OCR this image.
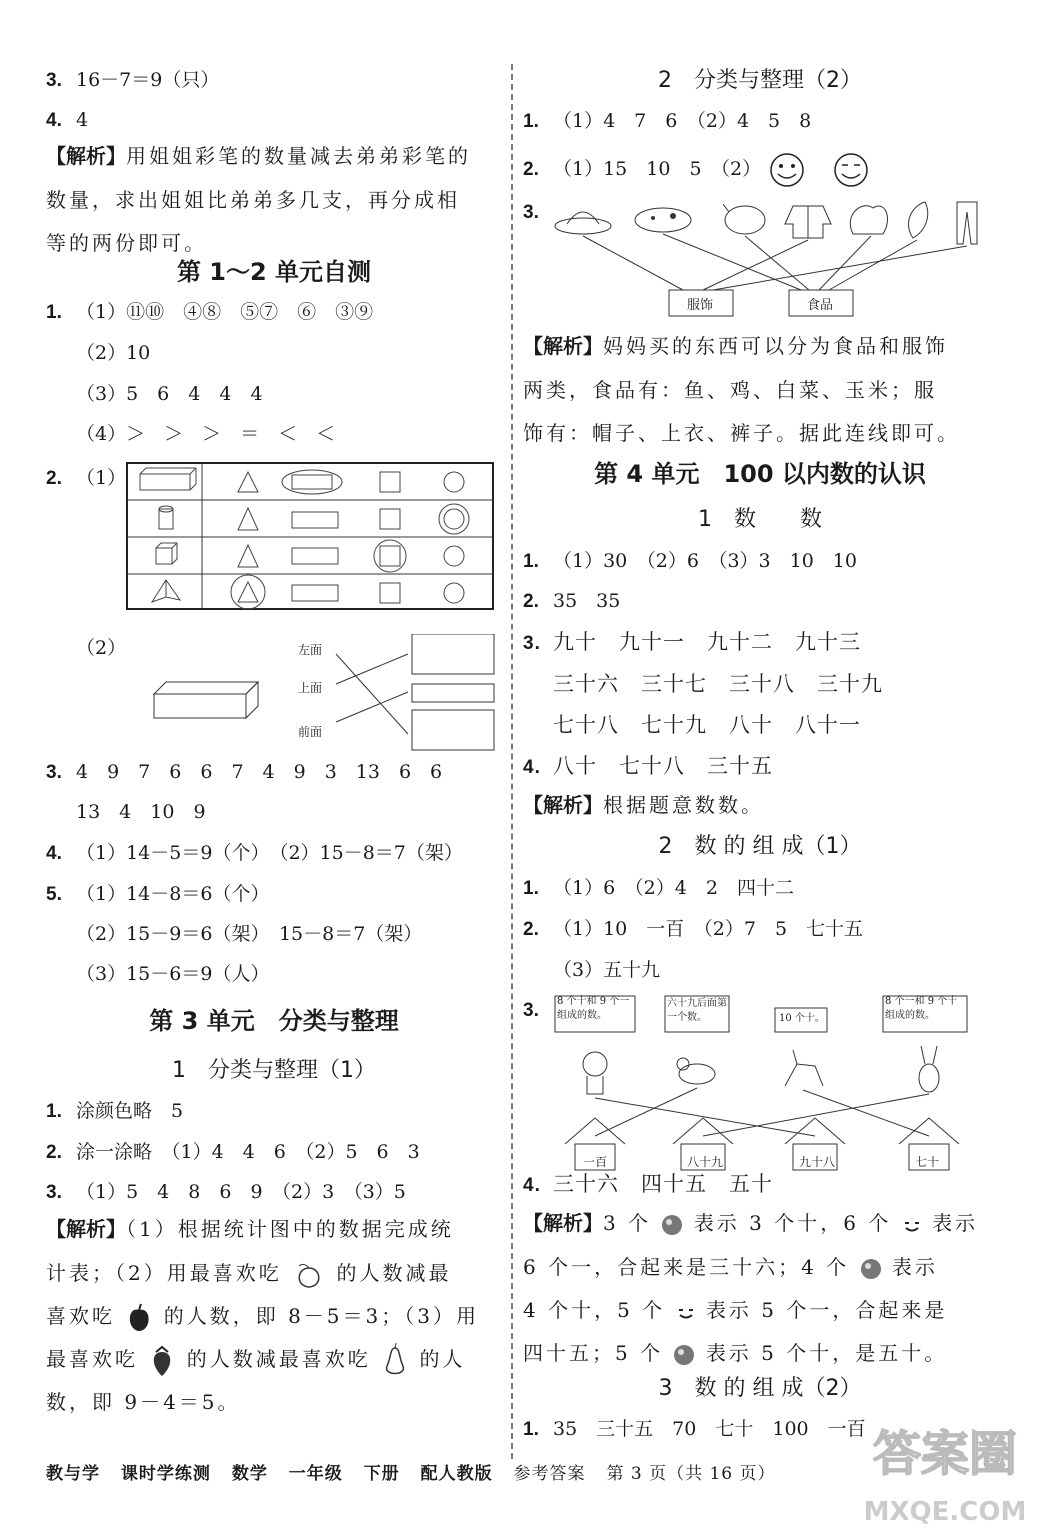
3. 16－7＝9（只）
4. 4
【解析】用姐姐彩笔的数量减去弟弟彩笔的
数量，求出姐姐比弟弟多几支，再分成相
等的两份即可。
第 1～2 单元自测
1. （1）⑪⑩　④⑧　⑤⑦　⑥　③⑨
（2）10
（3）5　6　4　4　4
（4）＞　＞　＞　＝　＜　＜
2. （1）
（2）	左面
上面
前面
3. 4　9　7　6　6　7　4　9　3　13　6　6
13　4　10　9
4. （1）14－5＝9（个）　（2）15－8＝7（架）
5. （1）14－8＝6（个）
（2）15－9＝6（架）　15－8＝7（架）
（3）15－6＝9（人）
第 3 单元　分类与整理
1　分类与整理（1）
1. 涂颜色略　5
2. 涂一涂略　（1）4　4　6　（2）5　6　3
3. （1）5　4　8　6　9　（2）3　（3）5
【解析】（1）根据统计图中的数据完成统
计表；（2）用最喜欢吃	的人数减最
喜欢吃 的人数，即 8－5＝3；（3）用
最喜欢吃 的人数减最喜欢吃 的人
数，即 9－4＝5。
2　分类与整理（2）
1. （1）4　7　6　（2）4　5　8
2. （1）15　10　5　（2）
3.
服饰	食品
【解析】妈妈买的东西可以分为食品和服饰
两类，食品有：鱼、鸡、白菜、玉米；服
饰有：帽子、上衣、裤子。据此连线即可。
第 4 单元　100 以内数的认识
1　数　　数
1. （1）30　（2）6　（3）3　10　10
2. 35　35
3. 九十　九十一　九十二　九十三
三十六　三十七　三十八　三十九
七十八　七十九　八十　八十一
4. 八十　七十八　三十五
【解析】根据题意数数。
2　数 的 组 成（1）
1. （1）6　（2）4　2　四十二
2. （1）10　一百　（2）7　5　七十五
（3）五十九
3.	8 个十和 9 个一组成的数。
六十九后面第一个数。	10 个十。
8 个一和 9 个十组成的数。
一百	八十九	九十八	七十
4. 三十六　四十五　五十
【解析】3 个 表示 3 个十，6 个 表示
6 个一，合起来是三十六；4 个 表示
4 个十，5 个 表示 5 个一，合起来是
四十五；5 个 表示 5 个十，是五十。
3　数 的 组 成（2）
1. 35　三十五　70　七十　100　一百
教与学 课时学练测 数学 一年级 下册 配人教版 参考答案 第 3 页（共 16 页）	答案圈
MXQE.COM
